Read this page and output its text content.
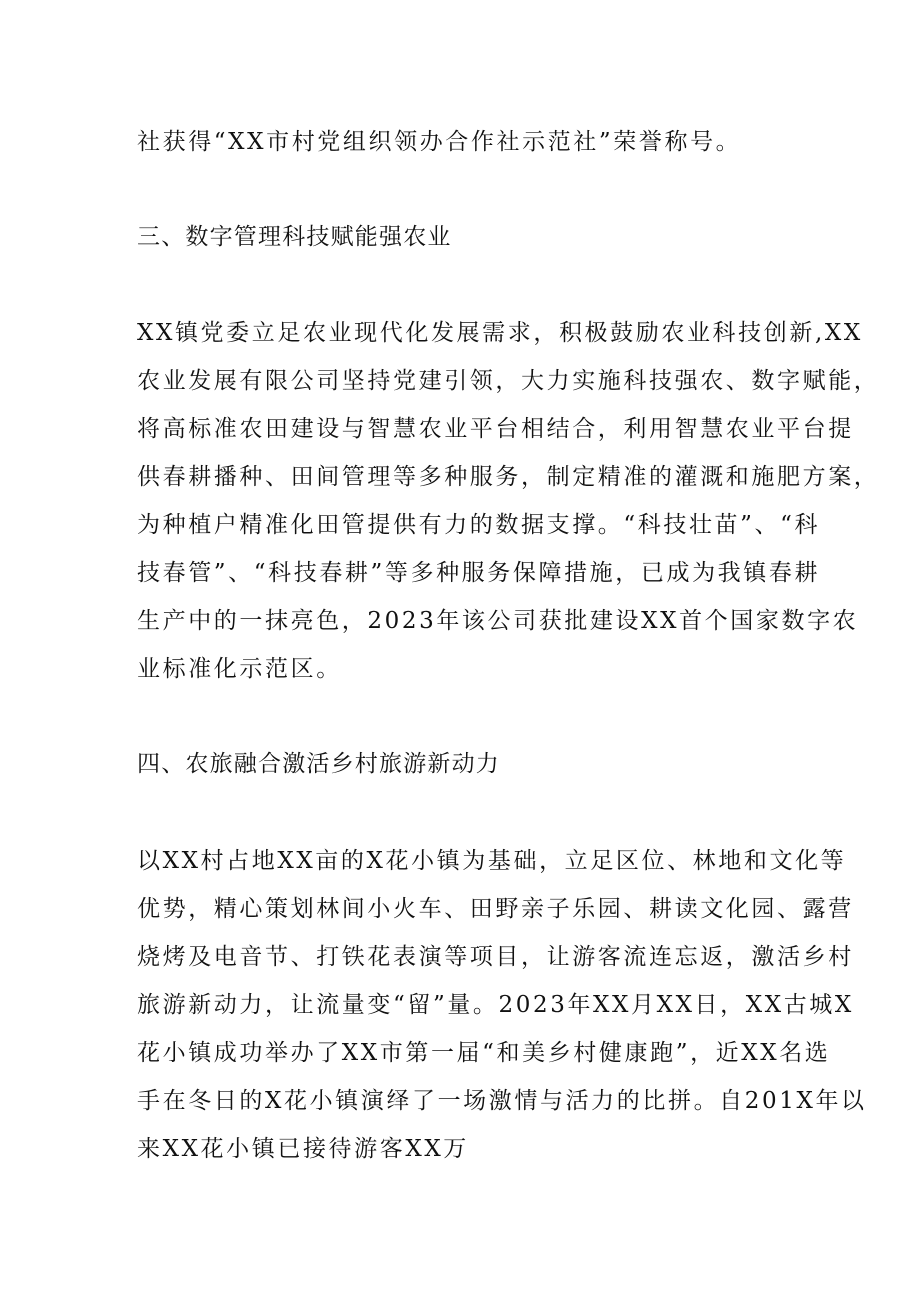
社获得“XX市村党组织领办合作社示范社”荣誉称号。
三、数字管理科技赋能强农业
XX镇党委立足农业现代化发展需求，积极鼓励农业科技创新,XX
农业发展有限公司坚持党建引领，大力实施科技强农、数字赋能，
将高标准农田建设与智慧农业平台相结合，利用智慧农业平台提
供春耕播种、田间管理等多种服务，制定精准的灌溉和施肥方案，
为种植户精准化田管提供有力的数据支撑。“科技壮苗”、“科
技春管”、“科技春耕”等多种服务保障措施，已成为我镇春耕
生产中的一抹亮色，2023年该公司获批建设XX首个国家数字农
业标准化示范区。
四、农旅融合激活乡村旅游新动力
以XX村占地XX亩的X花小镇为基础，立足区位、林地和文化等
优势，精心策划林间小火车、田野亲子乐园、耕读文化园、露营
烧烤及电音节、打铁花表演等项目，让游客流连忘返，激活乡村
旅游新动力，让流量变“留”量。2023年XX月XX日，XX古城X
花小镇成功举办了XX市第一届“和美乡村健康跑”，近XX名选
手在冬日的X花小镇演绎了一场激情与活力的比拼。自201X年以
来XX花小镇已接待游客XX万
